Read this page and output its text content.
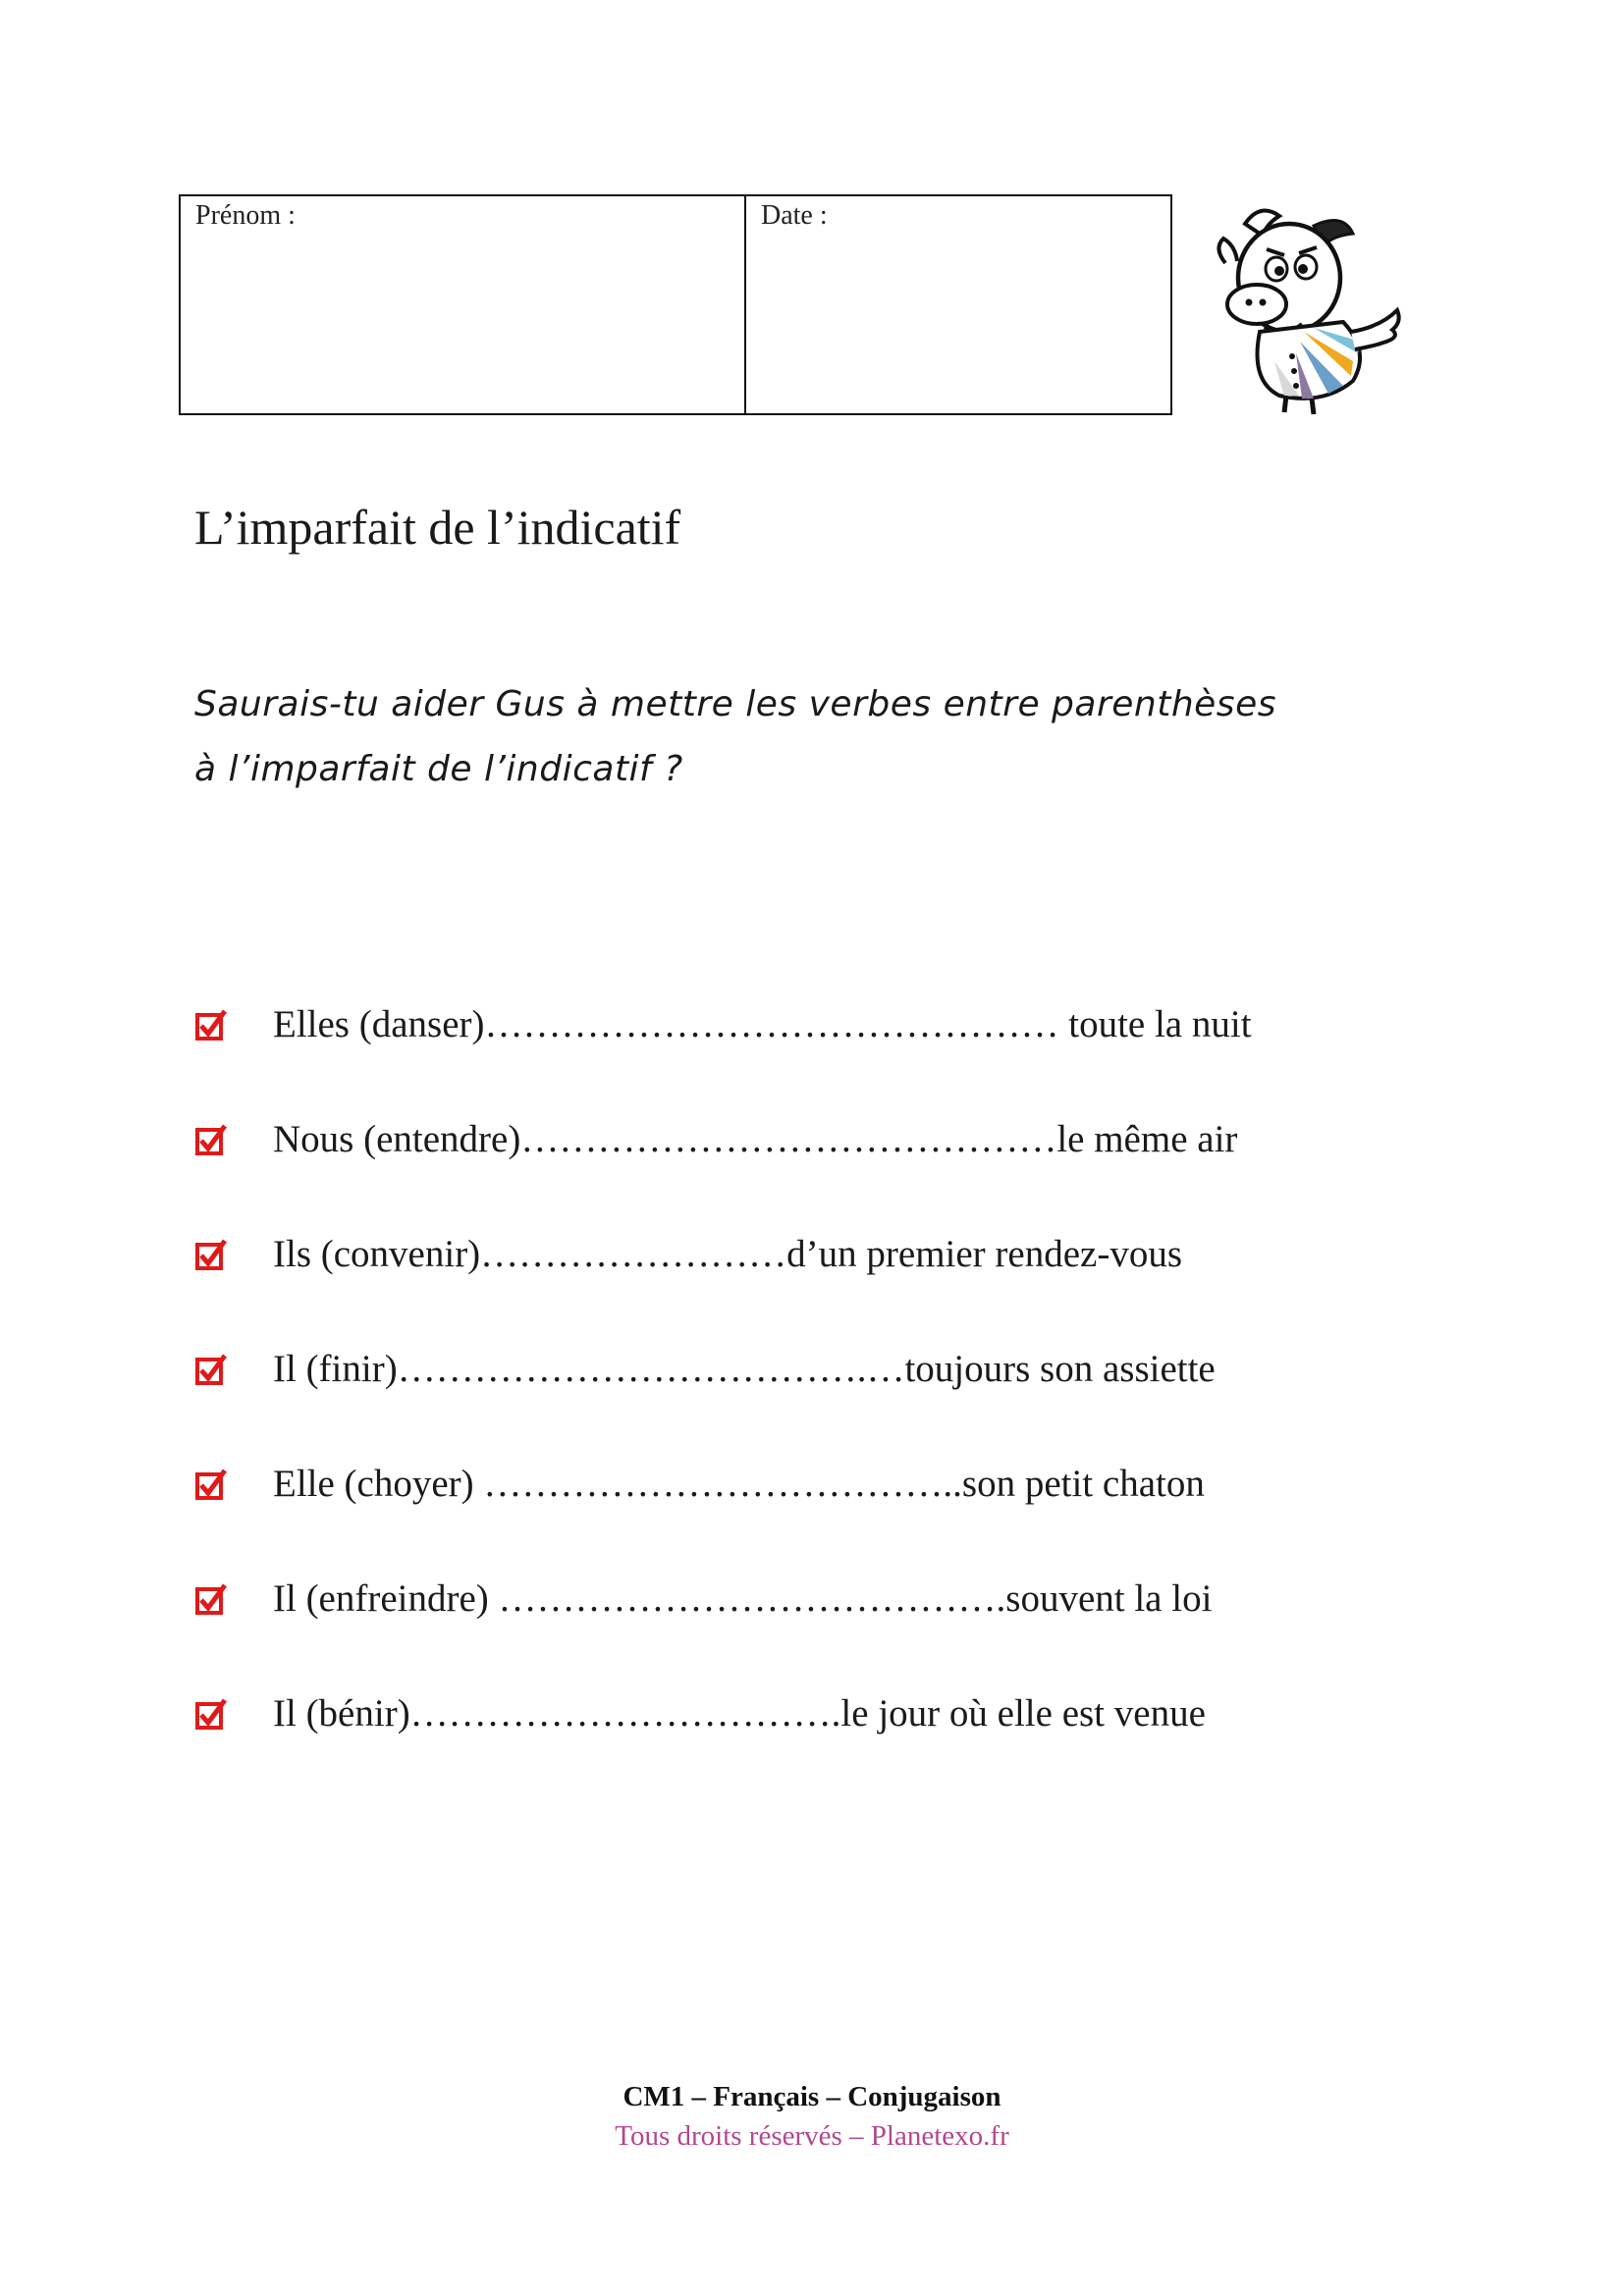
Prénom :	Date :
L’imparfait de l’indicatif

Saurais-tu aider Gus à mettre les verbes entre parenthèses
à l’imparfait de l’indicatif ?

Elles (danser)……………………………………… toute la nuit
Nous (entendre)……………………………………le même air
Ils (convenir)……………………d’un premier rendez-vous
Il (finir)……………………………….…toujours son assiette
Elle (choyer) ………………………………..son petit chaton
Il (enfreindre) ………………………………….souvent la loi
Il (bénir)…………………………….le jour où elle est venue
CM1 – Français – Conjugaison
Tous droits réservés – Planetexo.fr
